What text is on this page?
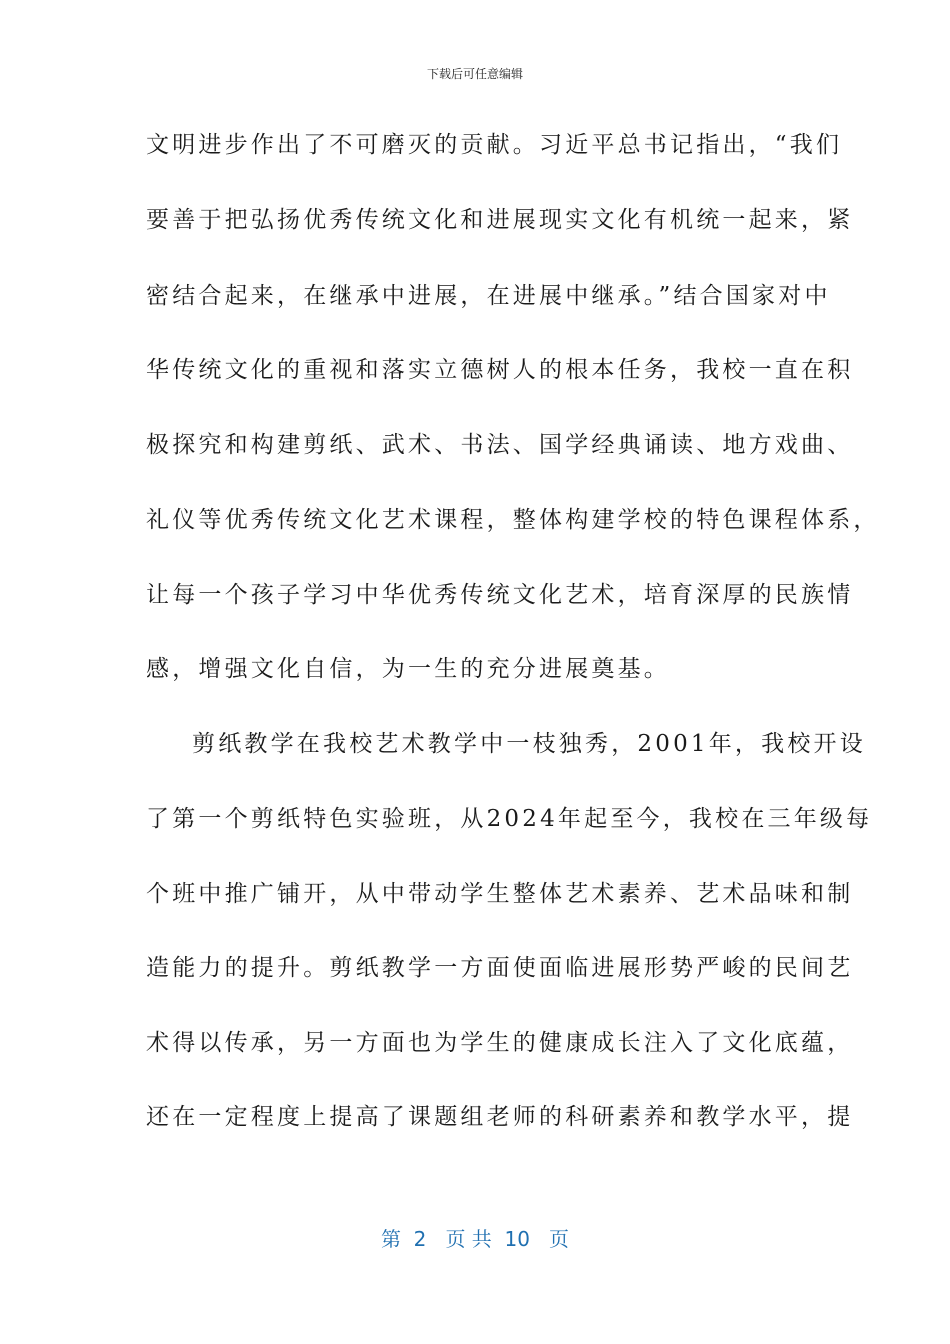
下载后可任意编辑
文明进步作出了不可磨灭的贡献。习近平总书记指出，“我们
要善于把弘扬优秀传统文化和进展现实文化有机统一起来，紧
密结合起来，在继承中进展，在进展中继承。”结合国家对中
华传统文化的重视和落实立德树人的根本任务，我校一直在积
极探究和构建剪纸、武术、书法、国学经典诵读、地方戏曲、
礼仪等优秀传统文化艺术课程，整体构建学校的特色课程体系，
让每一个孩子学习中华优秀传统文化艺术，培育深厚的民族情
感，增强文化自信，为一生的充分进展奠基。
剪纸教学在我校艺术教学中一枝独秀，2001年，我校开设
了第一个剪纸特色实验班，从2024年起至今，我校在三年级每
个班中推广铺开，从中带动学生整体艺术素养、艺术品味和制
造能力的提升。剪纸教学一方面使面临进展形势严峻的民间艺
术得以传承，另一方面也为学生的健康成长注入了文化底蕴，
还在一定程度上提高了课题组老师的科研素养和教学水平，提
第  2   页 共  10   页
